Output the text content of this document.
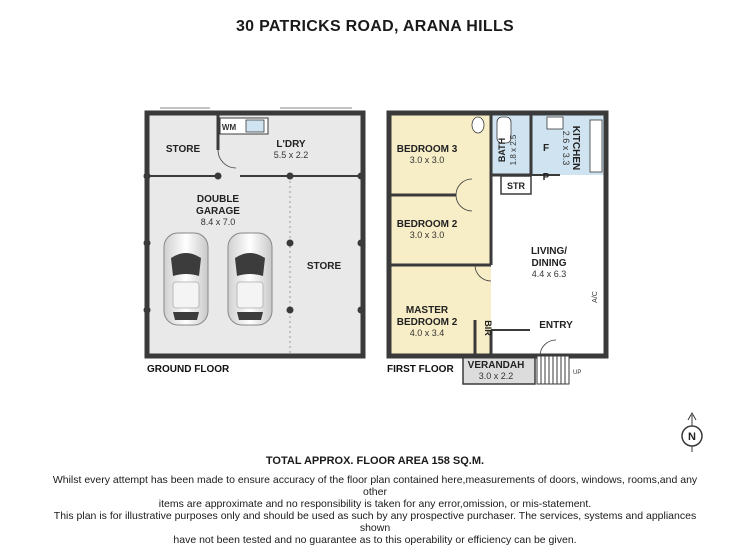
30 PATRICKS ROAD, ARANA HILLS
STORE	L'DRY
5.5 x 2.2
WM
DOUBLE
GARAGE
8.4 x 7.0
STORE
GROUND FLOOR
BEDROOM 3
3.0 x 3.0	BATH 1.8 x 2.5	KITCHEN
2.6 x 3.3
F
P
STR
BEDROOM 2
3.0 x 3.0
LIVING/
DINING
4.4 x 6.3
A/C
MASTER
BEDROOM 2
4.0 x 3.4	BIR	ENTRY
VERANDAH
3.0 x 2.2	UP
FIRST FLOOR
N
TOTAL APPROX. FLOOR AREA 158 SQ.M.
Whilst every attempt has been made to ensure accuracy of the floor plan contained here,measurements of doors, windows, rooms,and any other
items are approximate and no responsibility is taken for any error,omission, or mis-statement.
This plan is for illustrative purposes only and should be used as such by any prospective purchaser. The services, systems and appliances shown
have not been tested and no guarantee as to this operability or efficiency can be given.
